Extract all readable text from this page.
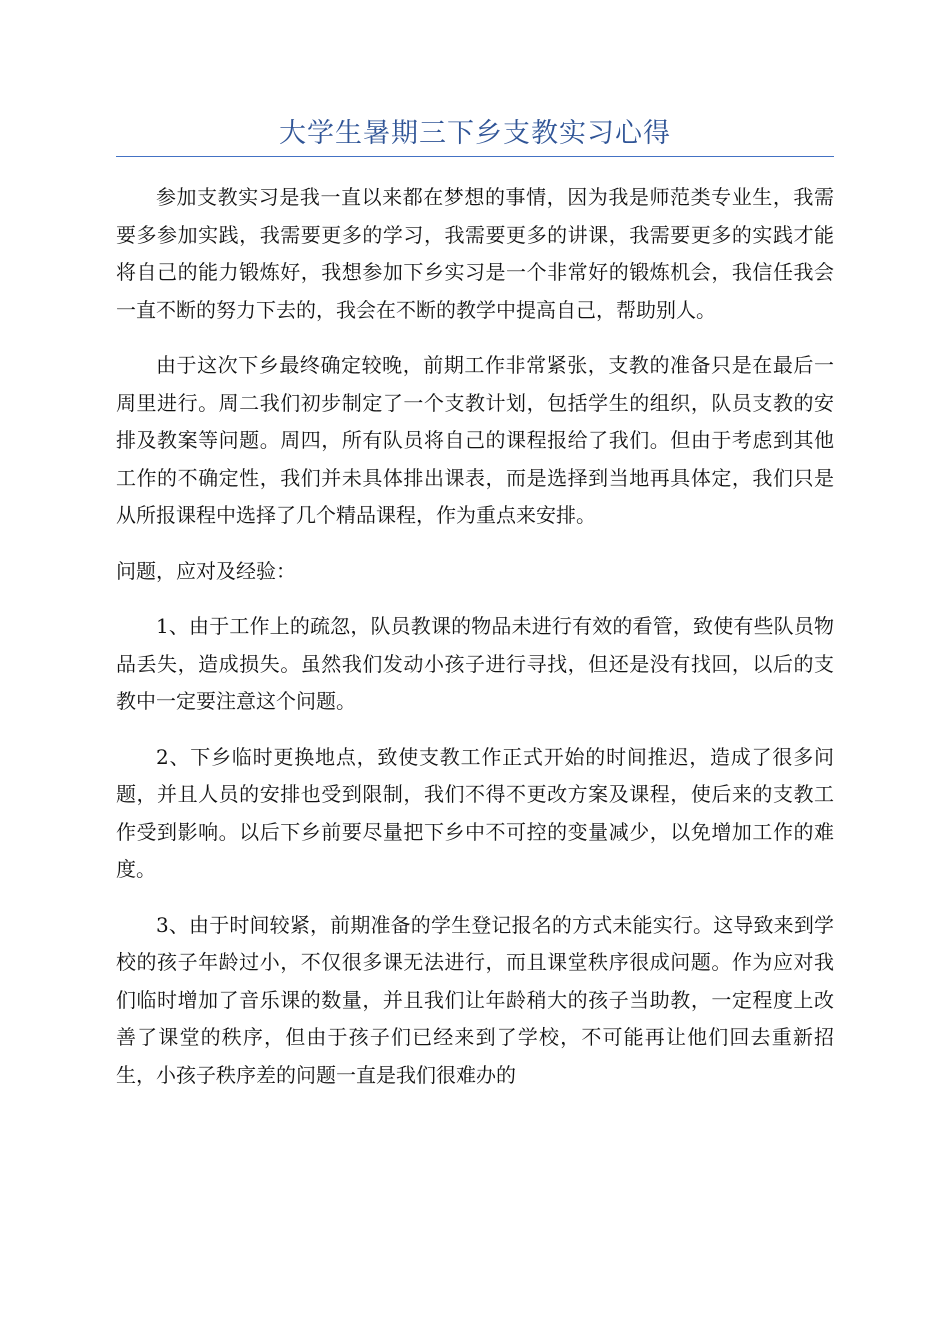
大学生暑期三下乡支教实习心得

参加支教实习是我一直以来都在梦想的事情，因为我是师范类专业生，我需要多参加实践，我需要更多的学习，我需要更多的讲课，我需要更多的实践才能将自己的能力锻炼好，我想参加下乡实习是一个非常好的锻炼机会，我信任我会一直不断的努力下去的，我会在不断的教学中提高自己，帮助别人。

由于这次下乡最终确定较晚，前期工作非常紧张，支教的准备只是在最后一周里进行。周二我们初步制定了一个支教计划，包括学生的组织，队员支教的安排及教案等问题。周四，所有队员将自己的课程报给了我们。但由于考虑到其他工作的不确定性，我们并未具体排出课表，而是选择到当地再具体定，我们只是从所报课程中选择了几个精品课程，作为重点来安排。

问题，应对及经验：

1、由于工作上的疏忽，队员教课的物品未进行有效的看管，致使有些队员物品丢失，造成损失。虽然我们发动小孩子进行寻找，但还是没有找回，以后的支教中一定要注意这个问题。

2、下乡临时更换地点，致使支教工作正式开始的时间推迟，造成了很多问题，并且人员的安排也受到限制，我们不得不更改方案及课程，使后来的支教工作受到影响。以后下乡前要尽量把下乡中不可控的变量减少，以免增加工作的难度。

3、由于时间较紧，前期准备的学生登记报名的方式未能实行。这导致来到学校的孩子年龄过小，不仅很多课无法进行，而且课堂秩序很成问题。作为应对我们临时增加了音乐课的数量，并且我们让年龄稍大的孩子当助教，一定程度上改善了课堂的秩序，但由于孩子们已经来到了学校，不可能再让他们回去重新招生，小孩子秩序差的问题一直是我们很难办的
